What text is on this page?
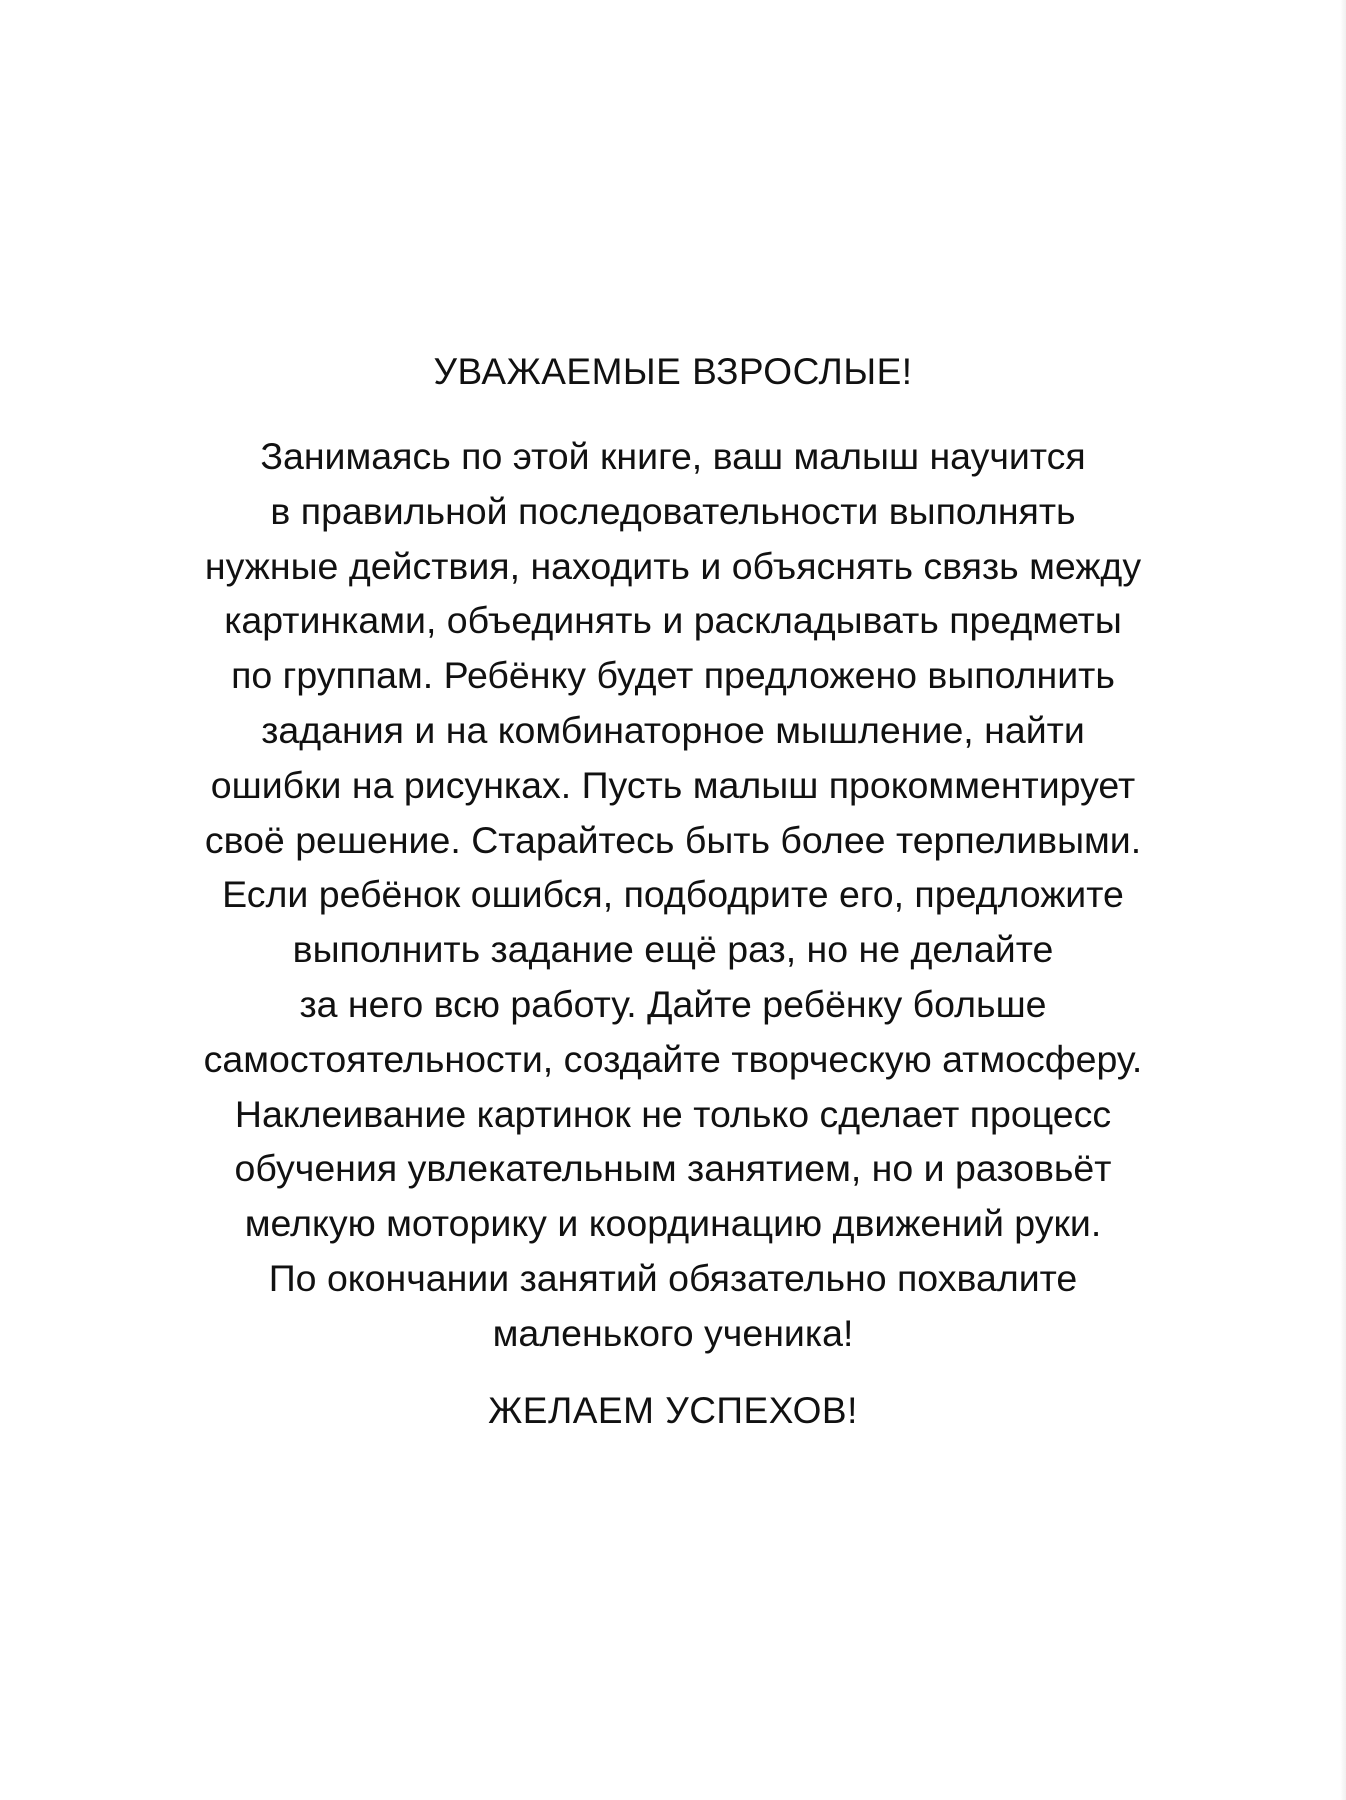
УВАЖАЕМЫЕ ВЗРОСЛЫЕ!
Занимаясь по этой книге, ваш малыш научится
в правильной последовательности выполнять
нужные действия, находить и объяснять связь между
картинками, объединять и раскладывать предметы
по группам. Ребёнку будет предложено выполнить
задания и на комбинаторное мышление, найти
ошибки на рисунках. Пусть малыш прокомментирует
своё решение. Старайтесь быть более терпеливыми.
Если ребёнок ошибся, подбодрите его, предложите
выполнить задание ещё раз, но не делайте
за него всю работу. Дайте ребёнку больше
самостоятельности, создайте творческую атмосферу.
Наклеивание картинок не только сделает процесс
обучения увлекательным занятием, но и разовьёт
мелкую моторику и координацию движений руки.
По окончании занятий обязательно похвалите
маленького ученика!
ЖЕЛАЕМ УСПЕХОВ!
